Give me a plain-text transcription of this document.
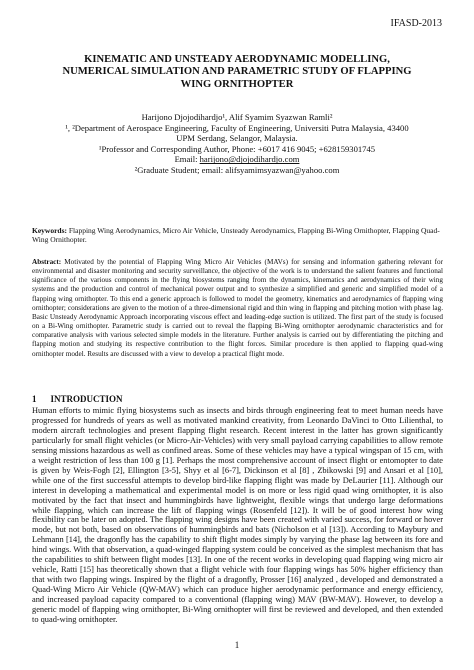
IFASD-2013
KINEMATIC AND UNSTEADY AERODYNAMIC MODELLING, NUMERICAL SIMULATION AND PARAMETRIC STUDY OF FLAPPING WING ORNITHOPTER
Harijono Djojodihardjo¹, Alif Syamim Syazwan Ramli²
¹, ²Department of Aerospace Engineering, Faculty of Engineering, Universiti Putra Malaysia, 43400
UPM Serdang, Selangor, Malaysia.
¹Professor and Corresponding Author, Phone: +6017 416 9045; +628159301745
Email: harijono@djojodihardjo.com
²Graduate Student; email: alifsyamimsyazwan@yahoo.com
Keywords: Flapping Wing Aerodynamics, Micro Air Vehicle, Unsteady Aerodynamics, Flapping Bi-Wing Ornithopter, Flapping Quad-Wing Ornithopter.
Abstract: Motivated by the potential of Flapping Wing Micro Air Vehicles (MAVs) for sensing and information gathering relevant for environmental and disaster monitoring and security surveillance, the objective of the work is to understand the salient features and functional significance of the various components in the flying biosystems ranging from the dynamics, kinematics and aerodynamics of their wing systems and the production and control of mechanical power output and to synthesize a simplified and generic and simplified model of a flapping wing ornithopter. To this end a generic approach is followed to model the geometry, kinematics and aerodynamics of flapping wing ornithopter; considerations are given to the motion of a three-dimensional rigid and thin wing in flapping and pitching motion with phase lag. Basic Unsteady Aerodynamic Approach incorporating viscous effect and leading-edge suction is utilized. The first part of the study is focused on a Bi-Wing ornithopter. Parametric study is carried out to reveal the flapping Bi-Wing ornithopter aerodynamic characteristics and for comparative analysis with various selected simple models in the literature. Further analysis is carried out by differentiating the pitching and flapping motion and studying its respective contribution to the flight forces. Similar procedure is then applied to flapping quad-wing ornithopter model. Results are discussed with a view to develop a practical flight mode.
1 INTRODUCTION
Human efforts to mimic flying biosystems such as insects and birds through engineering feat to meet human needs have progressed for hundreds of years as well as motivated mankind creativity, from Leonardo DaVinci to Otto Lilienthal, to modern aircraft technologies and present flapping flight research. Recent interest in the latter has grown significantly particularly for small flight vehicles (or Micro-Air-Vehicles) with very small payload carrying capabilities to allow remote sensing missions hazardous as well as confined areas. Some of these vehicles may have a typical wingspan of 15 cm, with a weight restriction of less than 100 g [1]. Perhaps the most comprehensive account of insect flight or entomopter to date is given by Weis-Fogh [2], Ellington [3-5], Shyy et al [6-7], Dickinson et al [8] , Zbikowski [9] and Ansari et al [10], while one of the first successful attempts to develop bird-like flapping flight was made by DeLaurier [11]. Although our interest in developing a mathematical and experimental model is on more or less rigid quad wing ornithopter, it is also motivated by the fact that insect and hummingbirds have lightweight, flexible wings that undergo large deformations while flapping, which can increase the lift of flapping wings (Rosenfeld [12]). It will be of good interest how wing flexibility can be later on adopted. The flapping wing designs have been created with varied success, for forward or hover mode, but not both, based on observations of hummingbirds and bats (Nicholson et al [13]). According to Maybury and Lehmann [14], the dragonfly has the capability to shift flight modes simply by varying the phase lag between its fore and hind wings. With that observation, a quad-winged flapping system could be conceived as the simplest mechanism that has the capabilities to shift between flight modes [13]. In one of the recent works in developing quad flapping wing micro air vehicle, Ratti [15] has theoretically shown that a flight vehicle with four flapping wings has 50% higher efficiency than that with two flapping wings. Inspired by the flight of a dragonfly, Prosser [16] analyzed , developed and demonstrated a Quad-Wing Micro Air Vehicle (QW-MAV) which can produce higher aerodynamic performance and energy efficiency, and increased payload capacity compared to a conventional (flapping wing) MAV (BW-MAV). However, to develop a generic model of flapping wing ornithopter, Bi-Wing ornithopter will first be reviewed and developed, and then extended to quad-wing ornithopter.
1
